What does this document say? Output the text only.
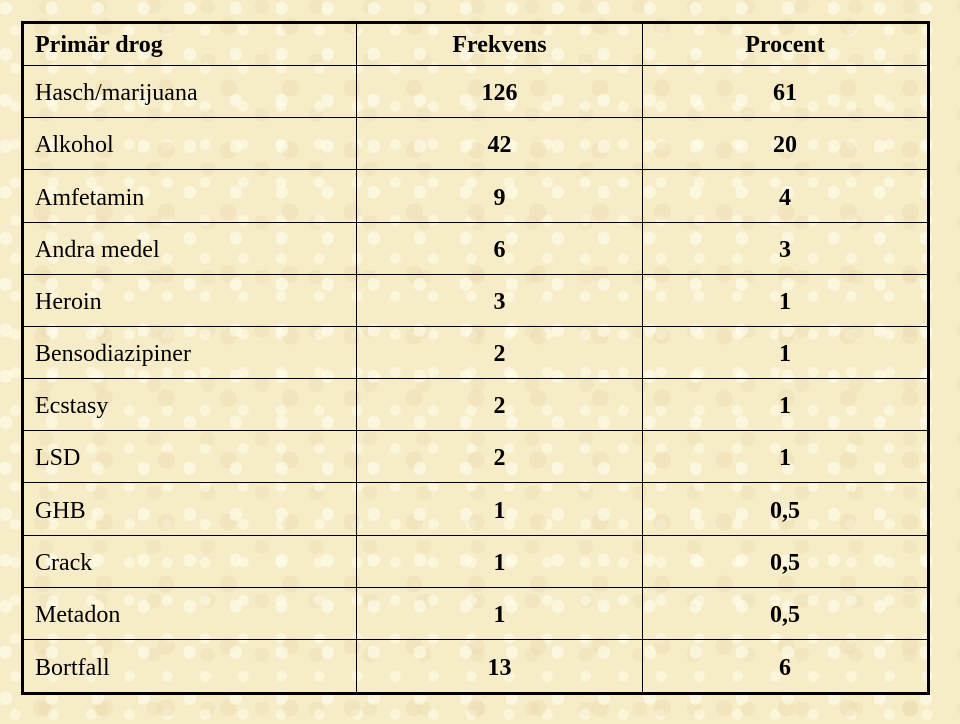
Primär drog	Frekvens	Procent
Hasch/marijuana	126	61
Alkohol	42	20
Amfetamin	9	4
Andra medel	6	3
Heroin	3	1
Bensodiazipiner	2	1
Ecstasy	2	1
LSD	2	1
GHB	1	0,5
Crack	1	0,5
Metadon	1	0,5
Bortfall	13	6
